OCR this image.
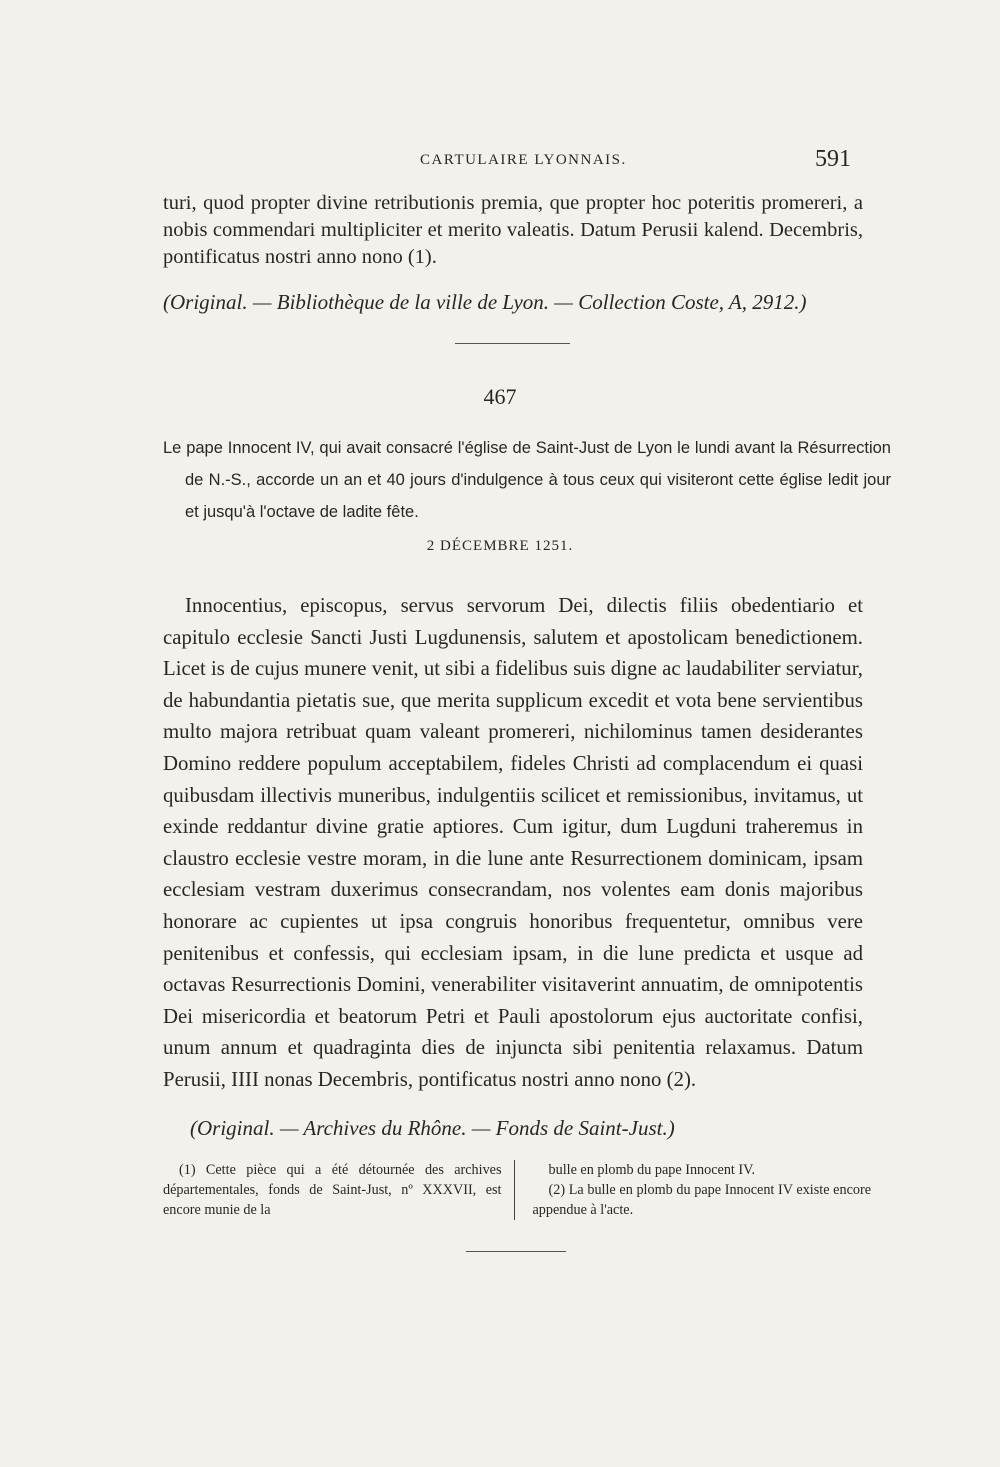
CARTULAIRE LYONNAIS.	591

turi, quod propter divine retributionis premia, que propter hoc poteritis promereri, a nobis commendari multipliciter et merito valeatis. Datum Perusii kalend. Decembris, pontificatus nostri anno nono (1).

(Original. — Bibliothèque de la ville de Lyon. — Collection Coste, A, 2912.)

467

Le pape Innocent IV, qui avait consacré l'église de Saint-Just de Lyon le lundi avant la Résurrection de N.-S., accorde un an et 40 jours d'indulgence à tous ceux qui visiteront cette église ledit jour et jusqu'à l'octave de ladite fête.

2 DÉCEMBRE 1251.

Innocentius, episcopus, servus servorum Dei, dilectis filiis obedentiario et capitulo ecclesie Sancti Justi Lugdunensis, salutem et apostolicam benedictionem. Licet is de cujus munere venit, ut sibi a fidelibus suis digne ac laudabiliter serviatur, de habundantia pietatis sue, que merita supplicum excedit et vota bene servientibus multo majora retribuat quam valeant promereri, nichilominus tamen desiderantes Domino reddere populum acceptabilem, fideles Christi ad complacendum ei quasi quibusdam illectivis muneribus, indulgentiis scilicet et remissionibus, invitamus, ut exinde reddantur divine gratie aptiores. Cum igitur, dum Lugduni traheremus in claustro ecclesie vestre moram, in die lune ante Resurrectionem dominicam, ipsam ecclesiam vestram duxerimus consecrandam, nos volentes eam donis majoribus honorare ac cupientes ut ipsa congruis honoribus frequentetur, omnibus vere penitenibus et confessis, qui ecclesiam ipsam, in die lune predicta et usque ad octavas Resurrectionis Domini, venerabiliter visitaverint annuatim, de omnipotentis Dei misericordia et beatorum Petri et Pauli apostolorum ejus auctoritate confisi, unum annum et quadraginta dies de injuncta sibi penitentia relaxamus. Datum Perusii, IIII nonas Decembris, pontificatus nostri anno nono (2).

(Original. — Archives du Rhône. — Fonds de Saint-Just.)

(1) Cette pièce qui a été détournée des archives départementales, fonds de Saint-Just, nº XXXVII, est encore munie de la

bulle en plomb du pape Innocent IV.

(2) La bulle en plomb du pape Innocent IV existe encore appendue à l'acte.
